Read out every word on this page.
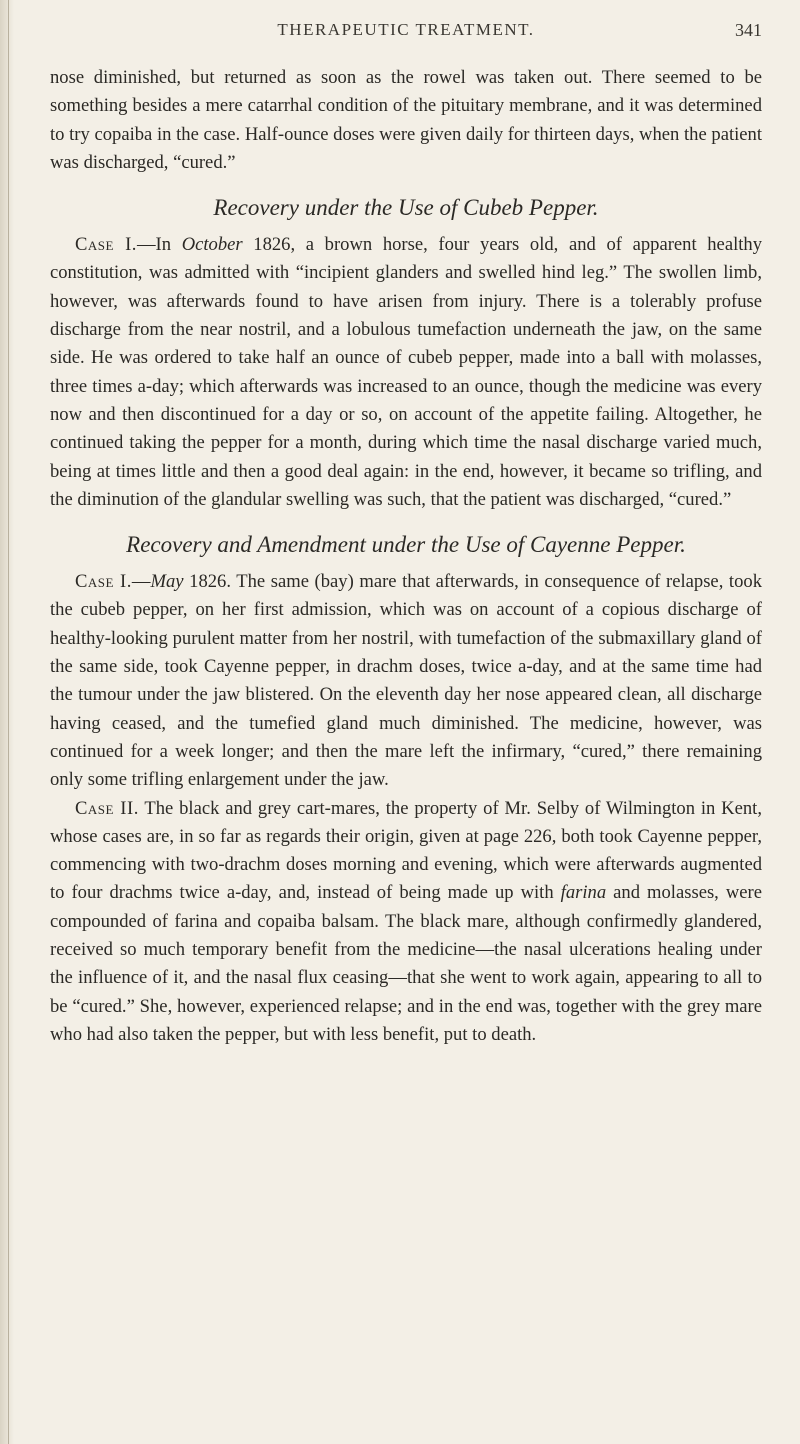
THERAPEUTIC TREATMENT.	341

nose diminished, but returned as soon as the rowel was taken out. There seemed to be something besides a mere catarrhal condition of the pituitary membrane, and it was determined to try copaiba in the case. Half-ounce doses were given daily for thirteen days, when the patient was discharged, “cured.”

Recovery under the Use of Cubeb Pepper.

Case I.—In October 1826, a brown horse, four years old, and of apparent healthy constitution, was admitted with “incipient glanders and swelled hind leg.” The swollen limb, however, was afterwards found to have arisen from injury. There is a tolerably profuse discharge from the near nostril, and a lobulous tumefaction underneath the jaw, on the same side. He was ordered to take half an ounce of cubeb pepper, made into a ball with molasses, three times a-day; which afterwards was increased to an ounce, though the medicine was every now and then discontinued for a day or so, on account of the appetite failing. Altogether, he continued taking the pepper for a month, during which time the nasal discharge varied much, being at times little and then a good deal again: in the end, however, it became so trifling, and the diminution of the glandular swelling was such, that the patient was discharged, “cured.”

Recovery and Amendment under the Use of Cayenne Pepper.

Case I.—May 1826. The same (bay) mare that afterwards, in consequence of relapse, took the cubeb pepper, on her first admission, which was on account of a copious discharge of healthy-looking purulent matter from her nostril, with tumefaction of the submaxillary gland of the same side, took Cayenne pepper, in drachm doses, twice a-day, and at the same time had the tumour under the jaw blistered. On the eleventh day her nose appeared clean, all discharge having ceased, and the tumefied gland much diminished. The medicine, however, was continued for a week longer; and then the mare left the infirmary, “cured,” there remaining only some trifling enlargement under the jaw.

Case II. The black and grey cart-mares, the property of Mr. Selby of Wilmington in Kent, whose cases are, in so far as regards their origin, given at page 226, both took Cayenne pepper, commencing with two-drachm doses morning and evening, which were afterwards augmented to four drachms twice a-day, and, instead of being made up with farina and molasses, were compounded of farina and copaiba balsam. The black mare, although confirmedly glandered, received so much temporary benefit from the medicine—the nasal ulcerations healing under the influence of it, and the nasal flux ceasing—that she went to work again, appearing to all to be “cured.” She, however, experienced relapse; and in the end was, together with the grey mare who had also taken the pepper, but with less benefit, put to death.
